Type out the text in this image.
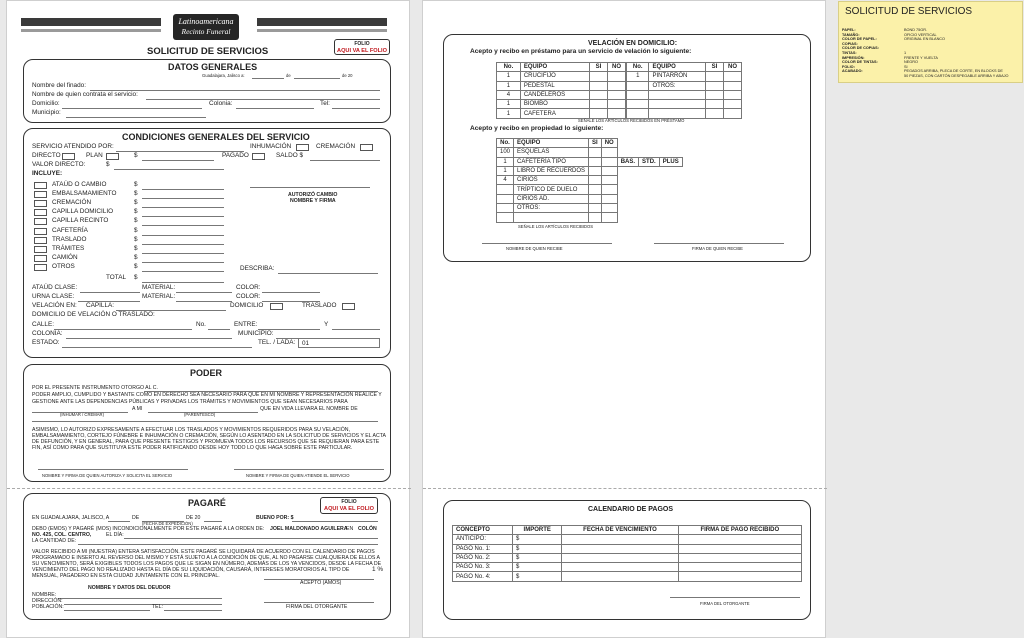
Latinoamericana
Recinto Funeral
FOLIO
AQUI VA EL FOLIO
SOLICITUD DE SERVICIOS
DATOS GENERALES
Guadalajara, Jalisco a:	de	de 20
Nombre del finado:
Nombre de quien contrata el servicio:
Domicilio:	Colonia:	Tel:
Municipio:
CONDICIONES GENERALES DEL SERVICIO
SERVICIO ATENDIDO POR:	INHUMACIÓN	CREMACIÓN
DIRECTO	PLAN	$	PAGADO	SALDO $
VALOR DIRECTO:	$
INCLUYE:
TOTAL $
AUTORIZÓ CAMBIO
NOMBRE Y FIRMA
DESCRIBA:
ATAÚD CLASE:	MATERIAL:	COLOR:
URNA CLASE:	MATERIAL:	COLOR:
VELACIÓN EN: CAPILLA:	DOMICILIO	TRASLADO
DOMICILIO DE VELACIÓN O TRASLADO:
CALLE:	No.	ENTRE:	Y
COLONIA:	MUNICIPIO:
ESTADO:	TEL. / LADA: 01
ATAÚD O CAMBIO	$
EMBALSAMAMIENTO	$
CREMACIÓN	$
CAPILLA DOMICILIO	$
CAPILLA RECINTO	$
CAFETERÍA	$
TRASLADO	$
TRÁMITES	$
CAMIÓN	$
OTROS	$
PODER
POR EL PRESENTE INSTRUMENTO OTORGO AL C.
PODER AMPLIO, CUMPLIDO Y BASTANTE COMO EN DERECHO SEA NECESARIO PARA QUE EN MI NOMBRE Y REPRESENTACIÓN REALICE Y
GESTIONE ANTE LAS DEPENDENCIAS PÚBLICAS Y PRIVADAS LOS TRÁMITES Y MOVIMIENTOS QUE SEAN NECESARIOS PARA
A MI	QUE EN VIDA LLEVARA EL NOMBRE DE
(INHUMAR / CREMAR)	(PARENTESCO)
ASIMISMO, LO AUTORIZO EXPRESAMENTE A EFECTUAR LOS TRASLADOS Y MOVIMIENTOS REQUERIDOS PARA SU VELACIÓN,
EMBALSAMAMIENTO, CORTEJO FÚNEBRE E INHUMACIÓN O CREMACIÓN, SEGÚN LO ASENTADO EN LA SOLICITUD DE SERVICIOS Y EL ACTA
DE DEFUNCIÓN, Y EN GENERAL, PARA QUE PRESENTE TESTIGOS Y PROMUEVA TODOS LOS RECURSOS QUE SE REQUIERAN PARA ESTE
FIN, ASÍ COMO PARA QUE SUSTITUYA ESTE PODER RATIFICANDO DESDE HOY TODO LO QUE HAGA SOBRE ESTE PARTICULAR.
NOMBRE Y FIRMA DE QUIEN AUTORIZA Y SOLICITA EL SERVICIO	NOMBRE Y FIRMA DE QUIEN ATIENDE EL SERVICIO
PAGARÉ	FOLIO
AQUI VA EL FOLIO
EN GUADALAJARA, JALISCO, A	DE	DE 20	BUENO POR: $
(FECHA DE EXPEDICIÓN)
DEBO (EMOS) Y PAGARÉ (MOS) INCONDICIONALMENTE POR ESTE PAGARÉ A LA ORDEN DE: JOEL MALDONADO AGUILERA
EN COLÓN
NO. 425, COL. CENTRO,	EL DÍA:
LA CANTIDAD DE:
VALOR RECIBIDO A MI (NUESTRA) ENTERA SATISFACCIÓN. ESTE PAGARÉ SE LIQUIDARÁ DE ACUERDO CON EL CALENDARIO DE PAGOS
PROGRAMADO E INSERTO AL REVERSO DEL MISMO Y ESTÁ SUJETO A LA CONDICIÓN DE QUE, AL NO PAGARSE CUALQUIERA DE ELLOS A
SU VENCIMIENTO, SERÁ EXIGIBLES TODOS LOS PAGOS QUE LE SIGAN EN NÚMERO, ADEMÁS DE LOS YA VENCIDOS, DESDE LA FECHA DE
VENCIMIENTO DEL PAGO NO REALIZADO HASTA EL DÍA DE SU LIQUIDACIÓN, CAUSARÁ, INTERESES MORATORIOS AL TIPO DE	1 %
MENSUAL, PAGADERO EN ESTA CIUDAD JUNTAMENTE CON EL PRINCIPAL.
ACEPTO (AMOS)
NOMBRE Y DATOS DEL DEUDOR
NOMBRE:
DIRECCIÓN:
POBLACIÓN:	TEL:	FIRMA DEL OTORGANTE
VELACIÓN EN DOMICILIO:
Acepto y recibo en préstamo para un servicio de velación lo siguiente:
No.	EQUIPO	SI	NO
1	CRUCIFIJO		
1	PEDESTAL		
4	CANDELEROS		
1	BIOMBO		
1	CAFETERA		
No.	EQUIPO	SI	NO
1	PINTARRÓN		
	OTROS:		

SEÑALE LOS ARTÍCULOS RECIBIDOS EN PRÉSTAMO
Acepto y recibo en propiedad lo siguiente:
No.	EQUIPO	SI	NO			
100	ESQUELAS					
1	CAFETERÍA TIPO			BAS.	STD.	PLUS
1	LIBRO DE RECUERDOS					
4	CIRIOS					
	TRÍPTICO DE DUELO					
	CIRIOS AD.					
	OTROS:					

SEÑALE LOS ARTÍCULOS RECIBIDOS
NOMBRE DE QUIEN RECIBE	FIRMA DE QUIEN RECIBE
CALENDARIO DE PAGOS
CONCEPTO	IMPORTE	FECHA DE VENCIMIENTO	FIRMA DE PAGO RECIBIDO
ANTICIPO:	$		
PAGO No. 1:	$		
PAGO No. 2:	$		
PAGO No. 3:	$		
PAGO No. 4:	$		
FIRMA DEL OTORGANTE
SOLICITUD DE SERVICIOS
PAPEL:	BOND 75GR.
TAMAÑO:	OFICIO VERTICAL
COLOR DE PAPEL:	ORIGINAL EN BLANCO
COPIAS:
COLOR DE COPIAS:
TINTAS:	1
IMPRESIÓN:	FRENTE Y VUELTA
COLOR DE TINTAS:	NEGRO
FOLIO:	SI
ACABADO:	PEGADOS ARRIBA, PLECA DE CORTE, EN BLOCKS DE
50 PIEZAS, CON CARTÓN DESPEGABLE ARRIBA Y ABAJO
